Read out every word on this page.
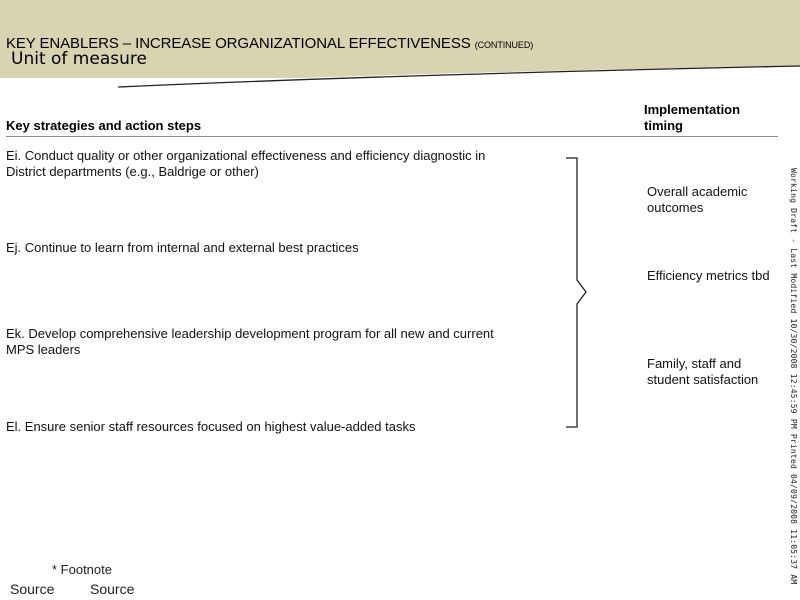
KEY ENABLERS – INCREASE ORGANIZATIONAL EFFECTIVENESS (CONTINUED)
Unit of measure
Key strategies and action steps
Implementation timing
Ei. Conduct quality or other organizational effectiveness and efficiency diagnostic in District departments (e.g., Baldrige or other)
Ej. Continue to learn from internal and external best practices
Ek. Develop comprehensive leadership development program for all new and current MPS leaders
El. Ensure senior staff resources focused on highest value-added tasks
Overall academic outcomes
Efficiency metrics tbd
Family, staff and student satisfaction	Working Draft - Last Modified 10/30/2008 12:45:59 PM Printed 04/09/2008 11:05:37 AM
* Footnote
Source	Source
